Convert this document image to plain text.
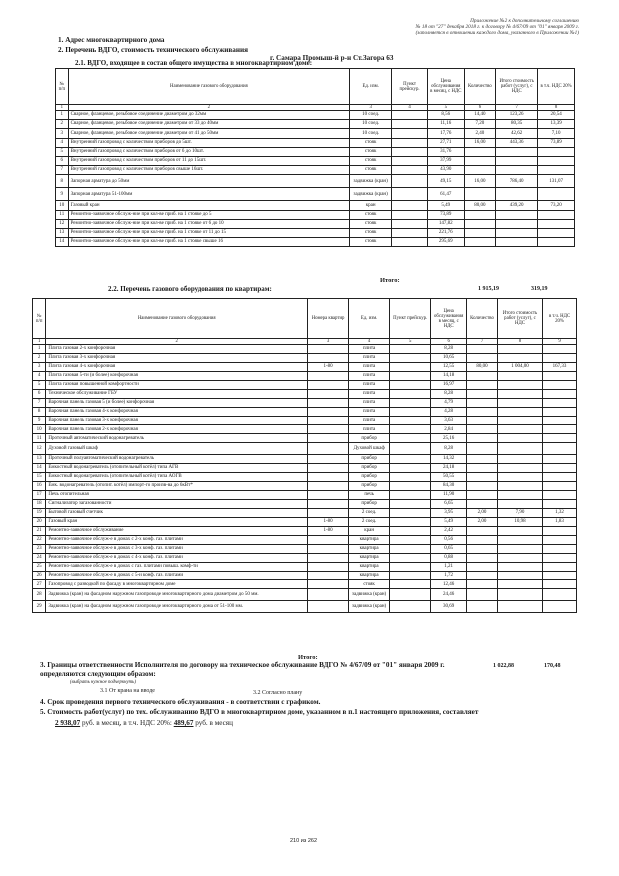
Приложение №2 к дополнительному соглашению
№ 18 от "27" декабря 2018 г. к договору № 4/67/09 от "01" января 2009 г.
(заполняется в отношении каждого дома, указанного в Приложении №1)
1. Адрес многоквартирного дома
2. Перечень ВДГО, стоимость технического обслуживания
г. Самара Промыш-й р-н Ст.Загора 63
2.1. ВДГО, входящее в состав общего имущества в многоквартирном доме:
№ п/п	Наименование газового оборудования	Ед. изм.	Пункт прейскур.	Цена обслуживания в месяц, с НДС	Количество	Итого стоимость работ (услуг), с НДС	в т.ч. НДС 20%
1	2	3	4	5	6	7	8
1	Сварное, фланцевое, резьбовое соединение диаметром до 32мм	10 соед.		8,56	14,40	123,26	20,54
2	Сварное, фланцевое, резьбовое соединение диаметром от 33 до 40мм	10 соед.		11,16	7,20	80,35	13,39
3	Сварное, фланцевое, резьбовое соединение диаметром от 41 до 50мм	10 соед.		17,76	2,40	42,62	7,10
4	Внутренний газопровод с количеством приборов до 5шт.	стояк		27,71	16,00	443,36	73,89
5	Внутренний газопровод с количеством приборов от 6 до 10шт.	стояк		31,76			
6	Внутренний газопровод с количеством приборов от 11 до 15шт.	стояк		37,99			
7	Внутренний газопровод с количеством приборов свыше 16шт.	стояк		43,90			
8	Запорная арматура до 50мм	задвижка (кран)		49,15	16,00	786,40	131,07
9	Запорная арматура 51-100мм	задвижка (кран)		61,47			
10	Газовый кран	кран		5,49	80,00	439,20	73,20
11	Ремонтно-заявочное обслуж-ние при кол-ве приб. на 1 стояке до 5	стояк		73,89			
12	Ремонтно-заявочное обслуж-ние при кол-ве приб. на 1 стояке от 6 до 10	стояк		147,82			
13	Ремонтно-заявочное обслуж-ние при кол-ве приб. на 1 стояке от 11 до 15	стояк		221,76			
14	Ремонтно-заявочное обслуж-ние при кол-ве приб. на 1 стояке свыше 16	стояк		295,69			
Итого:
2.2. Перечень газового оборудования по квартирам:	1 915,19	319,19
№ п/п	Наименование газового оборудования	Номера квартир	Ед. изм.	Пункт прейскур.	Цена обслуживания в месяц, с НДС	Количество	Итого стоимость работ (услуг), с НДС	в т.ч. НДС 20%
1	2	3	4	5	6	7	8	9
1	Плита газовая 2-х конфорочная		плита		8,28			
2	Плита газовая 3-х конфорочная		плита		10,65			
3	Плита газовая 4-х конфорочная	1-80	плита		12,55	80,00	1 004,00	167,33
4	Плита газовая 5-ти (и более) конфорочная		плита		14,18			
5	Плита газовая повышенной комфортности		плита		16,97			
6	Техническое обслуживание ГБУ		плита		8,28			
7	Варочная панель газовая 5 (и более) конфорочная		плита		4,79			
8	Варочная панель газовая 4-х конфорочная		плита		4,28			
9	Варочная панель газовая 3-х конфорочная		плита		3,63			
10	Варочная панель газовая 2-х конфорочная		плита		2,84			
11	Проточный автоматический водонагреватель		прибор		25,16			
12	Духовой газовый шкаф		Духовой шкаф		8,28			
13	Проточный полуавтоматический водонагреватель		прибор		14,32			
14	Емкостный водонагреватель (отопительный котёл) типа АГВ		прибор		24,18			
15	Емкостный водонагреватель (отопительный котёл) типа АОГВ		прибор		50,55			
16	Емк. водонагреватель (отопит. котёл) импорт-го произв-ва до 6кВт*		прибор		84,30			
17	Печь отопительная		печь		11,90			
18	Сигнализатор загазованности		прибор		6,65			
19	Бытовой газовый счетчик		2 соед.		3,95	2,00	7,90	1,32
20	Газовый кран	1-80	2 соед.		5,49	2,00	10,98	1,83
21	Ремонтно-заявочное обслуживание	1-80	кран		2,42			
22	Ремонтно-заявочное обслуж-е в домах с 2-х конф. газ. плитами		квартира		0,56			
23	Ремонтно-заявочное обслуж-е в домах с 3-х конф. газ. плитами		квартира		0,65			
24	Ремонтно-заявочное обслуж-е в домах с 4-х конф. газ. плитами		квартира		0,88			
25	Ремонтно-заявочное обслуж-е в домах с газ. плитами повыш. комф-ти		квартира		1,21			
26	Ремонтно-заявочное обслуж-е в домах с 5-и конф. газ. плитами		квартира		1,72			
27	Газопровод с разводкой по фасаду в многоквартирном доме		стояк		12,46			
28	Задвижка (кран) на фасадном наружном газопроводе многоквартирного дома диаметром до 50 мм.		задвижка (кран)		24,46			
29	Задвижка (кран) на фасадном наружном газопроводе многоквартирного дома от 51-100 мм.		задвижка (кран)		30,69			
Итого:
1 022,88	170,48
3. Границы ответственности Исполнителя по договору на техническое обслуживание ВДГО № 4/67/09 от "01" января 2009 г.
определяются следующим образом:
(выбрать нужное подчеркнуть)
3.1 От крана на вводе	3.2 Согласно плану
4. Срок проведения первого технического обслуживания - в соответствии с графиком.
5. Стоимость работ(услуг) по тех. обслуживанию ВДГО в многоквартирном доме, указанном в п.1 настоящего приложения, составляет
2 938,07 руб. в месяц, в т.ч. НДС 20%: 489,67 руб. в месяц
210 из 262
